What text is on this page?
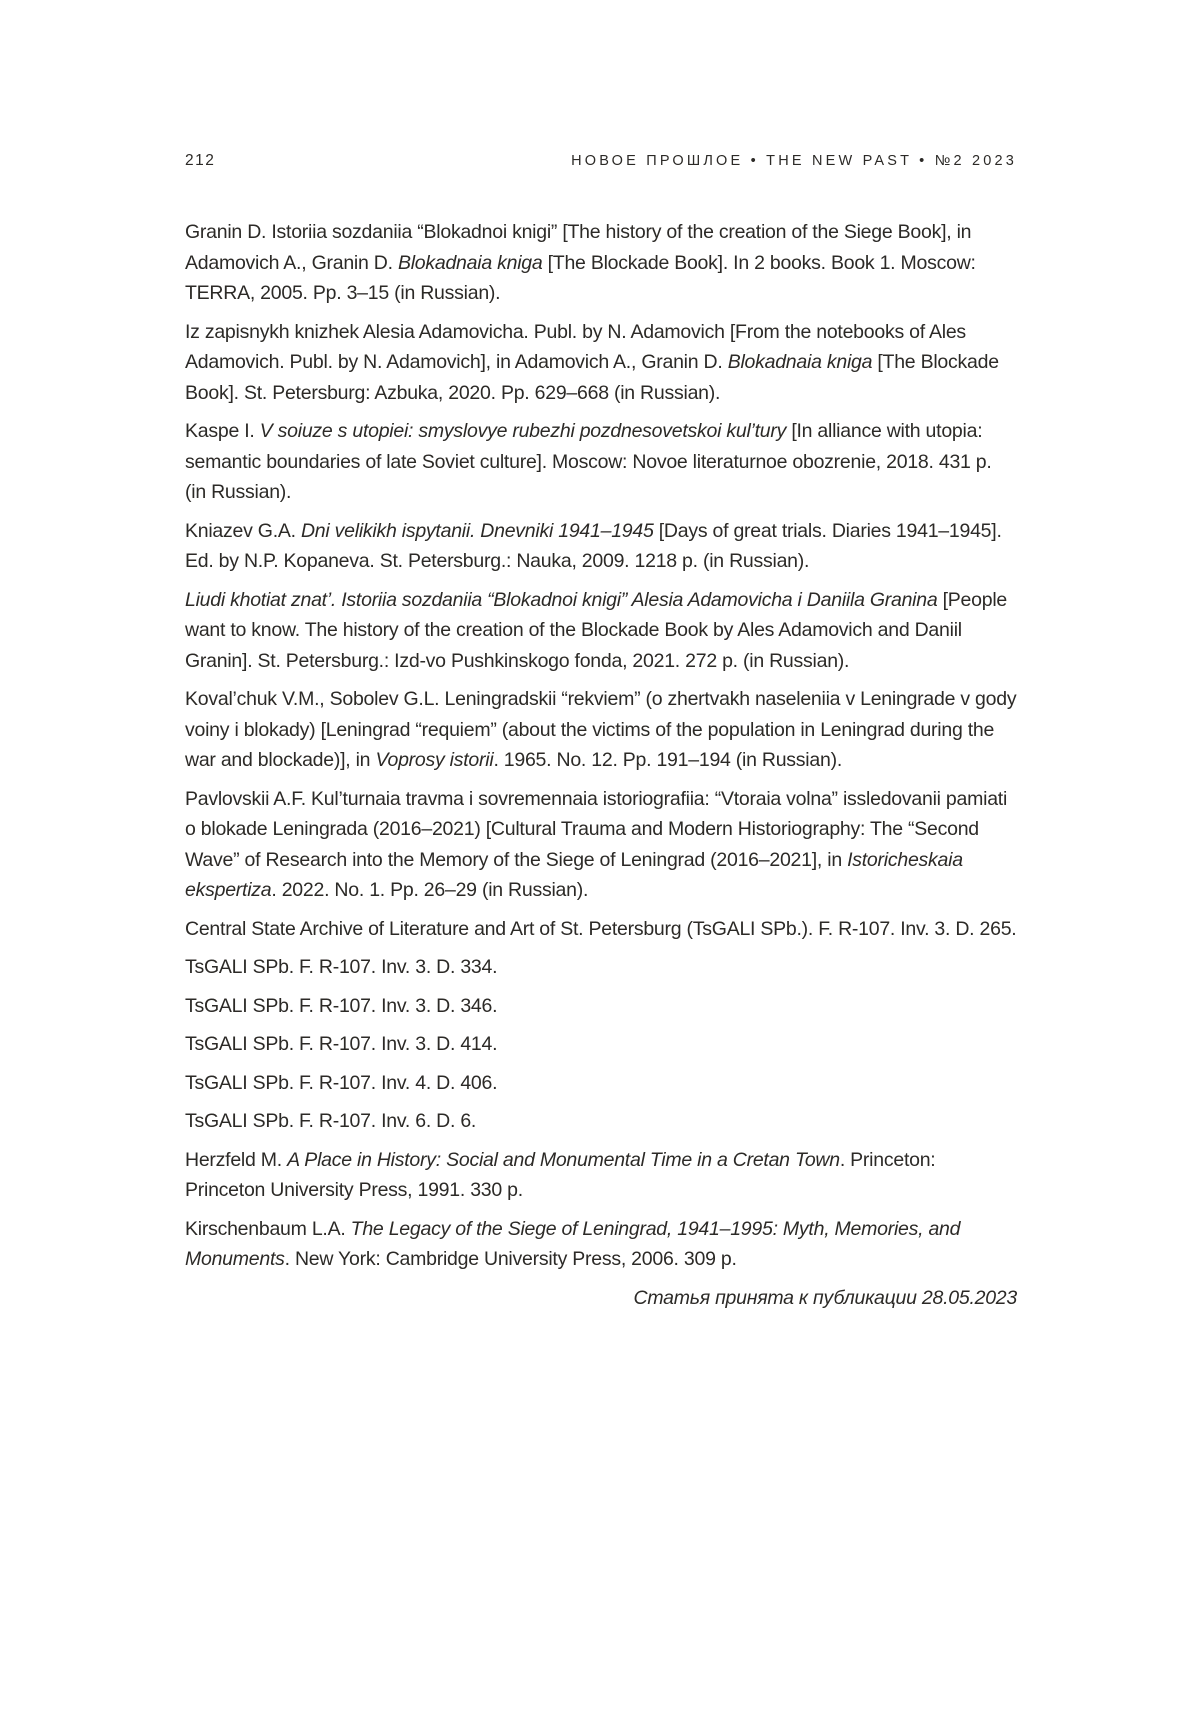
212	НОВОЕ ПРОШЛОЕ • THE NEW PAST • №2 2023

Granin D. Istoriia sozdaniia “Blokadnoi knigi” [The history of the creation of the Siege Book], in Adamovich A., Granin D. Blokadnaia kniga [The Blockade Book]. In 2 books. Book 1. Moscow: TERRA, 2005. Pp. 3–15 (in Russian).

Iz zapisnykh knizhek Alesia Adamovicha. Publ. by N. Adamovich [From the notebooks of Ales Adamovich. Publ. by N. Adamovich], in Adamovich A., Granin D. Blokadnaia kniga [The Blockade Book]. St. Petersburg: Azbuka, 2020. Pp. 629–668 (in Russian).

Kaspe I. V soiuze s utopiei: smyslovye rubezhi pozdnesovetskoi kul’tury [In alliance with utopia: semantic boundaries of late Soviet culture]. Moscow: Novoe literaturnoe obozrenie, 2018. 431 p. (in Russian).

Kniazev G.A. Dni velikikh ispytanii. Dnevniki 1941–1945 [Days of great trials. Diaries 1941–1945]. Ed. by N.P. Kopaneva. St. Petersburg.: Nauka, 2009. 1218 p. (in Russian).

Liudi khotiat znat’. Istoriia sozdaniia “Blokadnoi knigi” Alesia Adamovicha i Daniila Granina [People want to know. The history of the creation of the Blockade Book by Ales Adamovich and Daniil Granin]. St. Petersburg.: Izd-vo Pushkinskogo fonda, 2021. 272 p. (in Russian).

Koval’chuk V.M., Sobolev G.L. Leningradskii “rekviem” (o zhertvakh naseleniia v Leningrade v gody voiny i blokady) [Leningrad “requiem” (about the victims of the population in Leningrad during the war and blockade)], in Voprosy istorii. 1965. No. 12. Pp. 191–194 (in Russian).

Pavlovskii A.F. Kul’turnaia travma i sovremennaia istoriografiia: “Vtoraia volna” issledovanii pamiati o blokade Leningrada (2016–2021) [Cultural Trauma and Modern Historiography: The “Second Wave” of Research into the Memory of the Siege of Leningrad (2016–2021], in Istoricheskaia ekspertiza. 2022. No. 1. Pp. 26–29 (in Russian).

Central State Archive of Literature and Art of St. Petersburg (TsGALI SPb.). F. R-107. Inv. 3. D. 265.

TsGALI SPb. F. R-107. Inv. 3. D. 334.

TsGALI SPb. F. R-107. Inv. 3. D. 346.

TsGALI SPb. F. R-107. Inv. 3. D. 414.

TsGALI SPb. F. R-107. Inv. 4. D. 406.

TsGALI SPb. F. R-107. Inv. 6. D. 6.

Herzfeld M. A Place in History: Social and Monumental Time in a Cretan Town. Princeton: Princeton University Press, 1991. 330 p.

Kirschenbaum L.A. The Legacy of the Siege of Leningrad, 1941–1995: Myth, Memories, and Monuments. New York: Cambridge University Press, 2006. 309 p.

Статья принята к публикации 28.05.2023
